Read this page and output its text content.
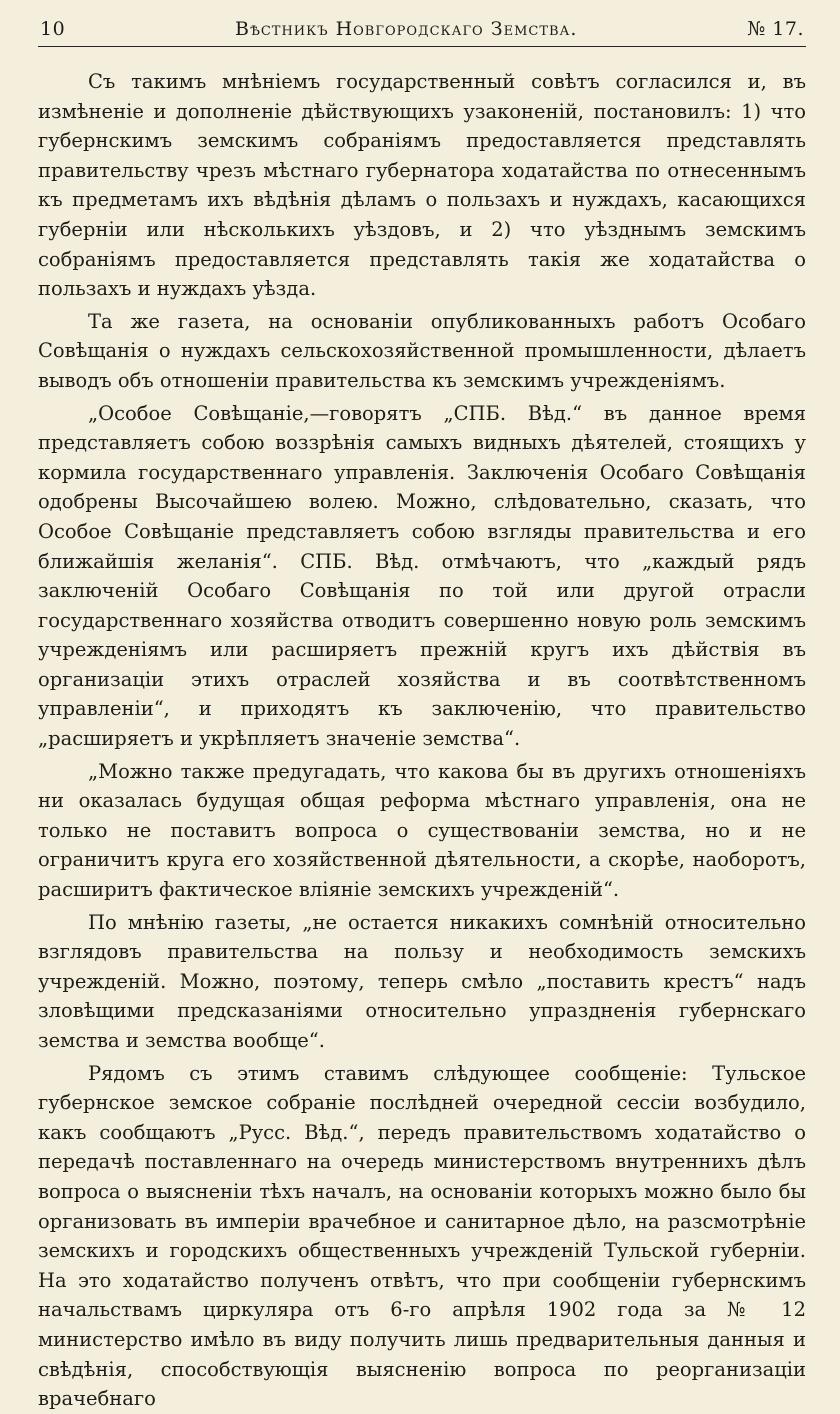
10	Вѣстникъ Новгородскаго Земства.	№ 17.

Съ такимъ мнѣніемъ государственный совѣтъ согласился и, въ измѣненіе и дополненіе дѣйствующихъ узаконеній, постановилъ: 1) что губернскимъ земскимъ собраніямъ предоставляется представлять правительству чрезъ мѣстнаго губернатора ходатайства по отнесеннымъ къ предметамъ ихъ вѣдѣнія дѣламъ о пользахъ и нуждахъ, касающихся губерніи или нѣсколькихъ уѣздовъ, и 2) что уѣзднымъ земскимъ собраніямъ предоставляется представлять такія же ходатайства о пользахъ и нуждахъ уѣзда.

Та же газета, на основаніи опубликованныхъ работъ Особаго Совѣщанія о нуждахъ сельскохозяйственной промышленности, дѣлаетъ выводъ объ отношеніи правительства къ земскимъ учрежденіямъ.

„Особое Совѣщаніе,—говорятъ „СПБ. Вѣд.“ въ данное время представляетъ собою воззрѣнія самыхъ видныхъ дѣятелей, стоящихъ у кормила государственнаго управленія. Заключенія Особаго Совѣщанія одобрены Высочайшею волею. Можно, слѣдовательно, сказать, что Особое Совѣщаніе представляетъ собою взгляды правительства и его ближайшія желанія“. СПБ. Вѣд. отмѣчаютъ, что „каждый рядъ заключеній Особаго Совѣщанія по той или другой отрасли государственнаго хозяйства отводитъ совершенно новую роль земскимъ учрежденіямъ или расширяетъ прежній кругъ ихъ дѣйствія въ организаціи этихъ отраслей хозяйства и въ соотвѣтственномъ управленіи“, и приходятъ къ заключенію, что правительство „расширяетъ и укрѣпляетъ значеніе земства“.

„Можно также предугадать, что какова бы въ другихъ отношеніяхъ ни оказалась будущая общая реформа мѣстнаго управленія, она не только не поставитъ вопроса о существованіи земства, но и не ограничитъ круга его хозяйственной дѣятельности, а скорѣе, наоборотъ, расширитъ фактическое вліяніе земскихъ учрежденій“.

По мнѣнію газеты, „не остается никакихъ сомнѣній относительно взглядовъ правительства на пользу и необходимость земскихъ учрежденій. Можно, поэтому, теперь смѣло „поставить крестъ“ надъ зловѣщими предсказаніями относительно упраздненія губернскаго земства и земства вообще“.

Рядомъ съ этимъ ставимъ слѣдующее сообщеніе: Тульское губернское земское собраніе послѣдней очередной сессіи возбудило, какъ сообщаютъ „Русс. Вѣд.“, передъ правительствомъ ходатайство о передачѣ поставленнаго на очередь министерствомъ внутреннихъ дѣлъ вопроса о выясненіи тѣхъ началъ, на основаніи которыхъ можно было бы организовать въ имперіи врачебное и санитарное дѣло, на разсмотрѣніе земскихъ и городскихъ общественныхъ учрежденій Тульской губерніи. На это ходатайство полученъ отвѣтъ, что при сообщеніи губернскимъ начальствамъ циркуляра отъ 6-го апрѣля 1902 года за № 12 министерство имѣло въ виду получить лишь предварительныя данныя и свѣдѣнія, способствующія выясненію вопроса по реорганизаціи врачебнаго
